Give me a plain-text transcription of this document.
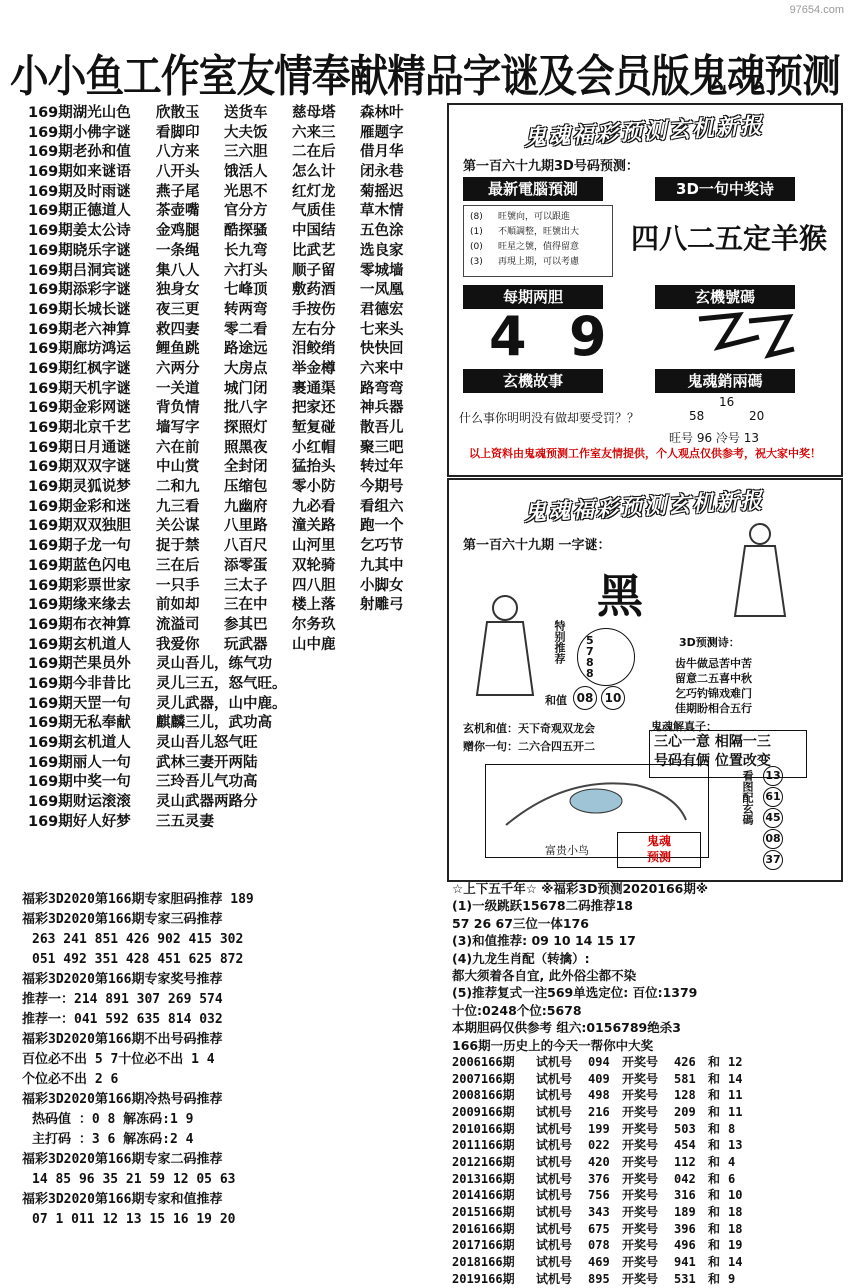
97654.com
小小鱼工作室友情奉献精品字谜及会员版鬼魂预测
169期湖光山色 欣散玉 送货车 慈母塔 森林叶
169期小佛字谜 看脚印 大夫饭 六来三 雁题字
169期老孙和值 八方来 三六胆 二在后 借月华
169期如来谜语 八开头 饿活人 怎么计 闭永巷
169期及时雨谜 燕子尾 光思不 红灯龙 菊摇迟
169期正德道人 茶壶嘴 官分方 气质佳 草木情
169期姜太公诗 金鸡腿 酷探骚 中国结 五色涂
169期晓乐字谜 一条绳 长九弯 比武艺 选良家
169期吕洞宾谜 集八人 六打头 顺子留 零城墙
169期添彩字谜 独身女 七峰顶 敷药酒 一凤凰
169期长城长谜 夜三更 转两弯 手按伤 君德宏
169期老六神算 救四妻 零二看 左右分 七来头
169期廊坊鸿运 鲤鱼跳 路途远 泪鲛绡 快快回
169期红枫字谜 六两分 大房点 举金樽 六来中
169期天机字谜 一关道 城门闭 裹通渠 路弯弯
169期金彩网谜 背负情 批八字 把家还 神兵器
169期北京千艺 墙写字 探照灯 堑复碰 散吾儿
169期日月通谜 六在前 照黑夜 小红帽 聚三吧
169期双双字谜 中山赏 全封闭 猛抬头 转过年
169期灵狐说梦 二和九 压缩包 零小防 今期号
169期金彩和迷 九三看 九幽府 九必看 看组六
169期双双独胆 关公谋 八里路 潼关路 跑一个
169期子龙一句 捉于禁 八百尺 山河里 乞巧节
169期蓝色闪电 三在后 添零蛋 双轮骑 九其中
169期彩票世家 一只手 三太子 四八胆 小脚女
169期缘来缘去 前如却 三在中 楼上落 射雕弓
169期布衣神算 流溢司 参其巴 尔务玖
169期玄机道人 我爱你 玩武器 山中鹿
169期芒果员外 灵山吾儿，练气功
169期今非昔比 灵儿三五，怒气旺。
169期天罡一句 灵儿武器，山中鹿。
169期无私奉献 麒麟三儿，武功高
169期玄机道人 灵山吾儿怒气旺
169期丽人一句 武林三妻开两陆
169期中奖一句 三玲吾儿气功高
169期财运滚滚 灵山武器两路分
169期好人好梦 三五灵妻
福彩3D2020第166期专家胆码推荐 189
福彩3D2020第166期专家三码推荐
263 241 851 426 902 415 302
051 492 351 428 451 625 872
福彩3D2020第166期专家奖号推荐
推荐一：214 891 307 269 574
推荐一：041 592 635 814 032
福彩3D2020第166期不出号码推荐
百位必不出 5 7十位必不出 1 4
个位必不出 2 6
福彩3D2020第166期冷热号码推荐
热码值 ：0 8 解冻码:1 9
主打码 ：3 6 解冻码:2 4
福彩3D2020第166期专家二码推荐
14 85 96 35 21 59 12 05 63
福彩3D2020第166期专家和值推荐
07 1 011 12 13 15 16 19 20
鬼魂福彩预测玄机新报
第一百六十九期3D号码预测：
最新電腦預測	3D一句中奖诗
(8) 旺號向，可以跟進
(1) 不順調整，旺號出大
(0) 旺星之號，值得留意
(3) 再現上期，可以考慮
四八二五定羊猴
每期两胆	玄機號碼
4 9
玄機故事	鬼魂銷兩碼
什么事你明明没有做却要受罚？？
16
58	20
旺号 96 冷号 13
以上资料由鬼魂预测工作室友情提供，个人观点仅供参考，祝大家中奖！
鬼魂福彩预测玄机新报
第一百六十九期 一字谜：
黑
特别推荐 5
7
8
8
和值 08 10
3D预测诗：
齿牛做忌苦中苦
留意二五喜中秋
乞巧钓锦戏难门
佳期盼相合五行
鬼魂解真子：
三心一意 相隔一三
号码有俩 位置改变
玄机和值：天下奇观双龙会
赠你一句：二六合四五开二
富贵小鸟
鬼魂
预测
看图配玄碼 13
61
45
08
37
☆上下五千年☆ ※福彩3D预测2020166期※
(1)一级跳跃15678二码推荐18
57 26 67三位一体176
(3)和值推荐: 09 10 14 15 17
(4)九龙生肖配（转擒）:
都大须着各自宜, 此外俗尘都不染
(5)推荐复式一注569单选定位: 百位:1379
十位:0248个位:5678
本期胆码仅供参考 组六:0156789绝杀3
166期一历史上的今天一帮你中大奖
2006166期 试机号 094 开奖号 426 和 12
2007166期 试机号 409 开奖号 581 和 14
2008166期 试机号 498 开奖号 128 和 11
2009166期 试机号 216 开奖号 209 和 11
2010166期 试机号 199 开奖号 503 和 8
2011166期 试机号 022 开奖号 454 和 13
2012166期 试机号 420 开奖号 112 和 4
2013166期 试机号 376 开奖号 042 和 6
2014166期 试机号 756 开奖号 316 和 10
2015166期 试机号 343 开奖号 189 和 18
2016166期 试机号 675 开奖号 396 和 18
2017166期 试机号 078 开奖号 496 和 19
2018166期 试机号 469 开奖号 941 和 14
2019166期 试机号 895 开奖号 531 和 9
